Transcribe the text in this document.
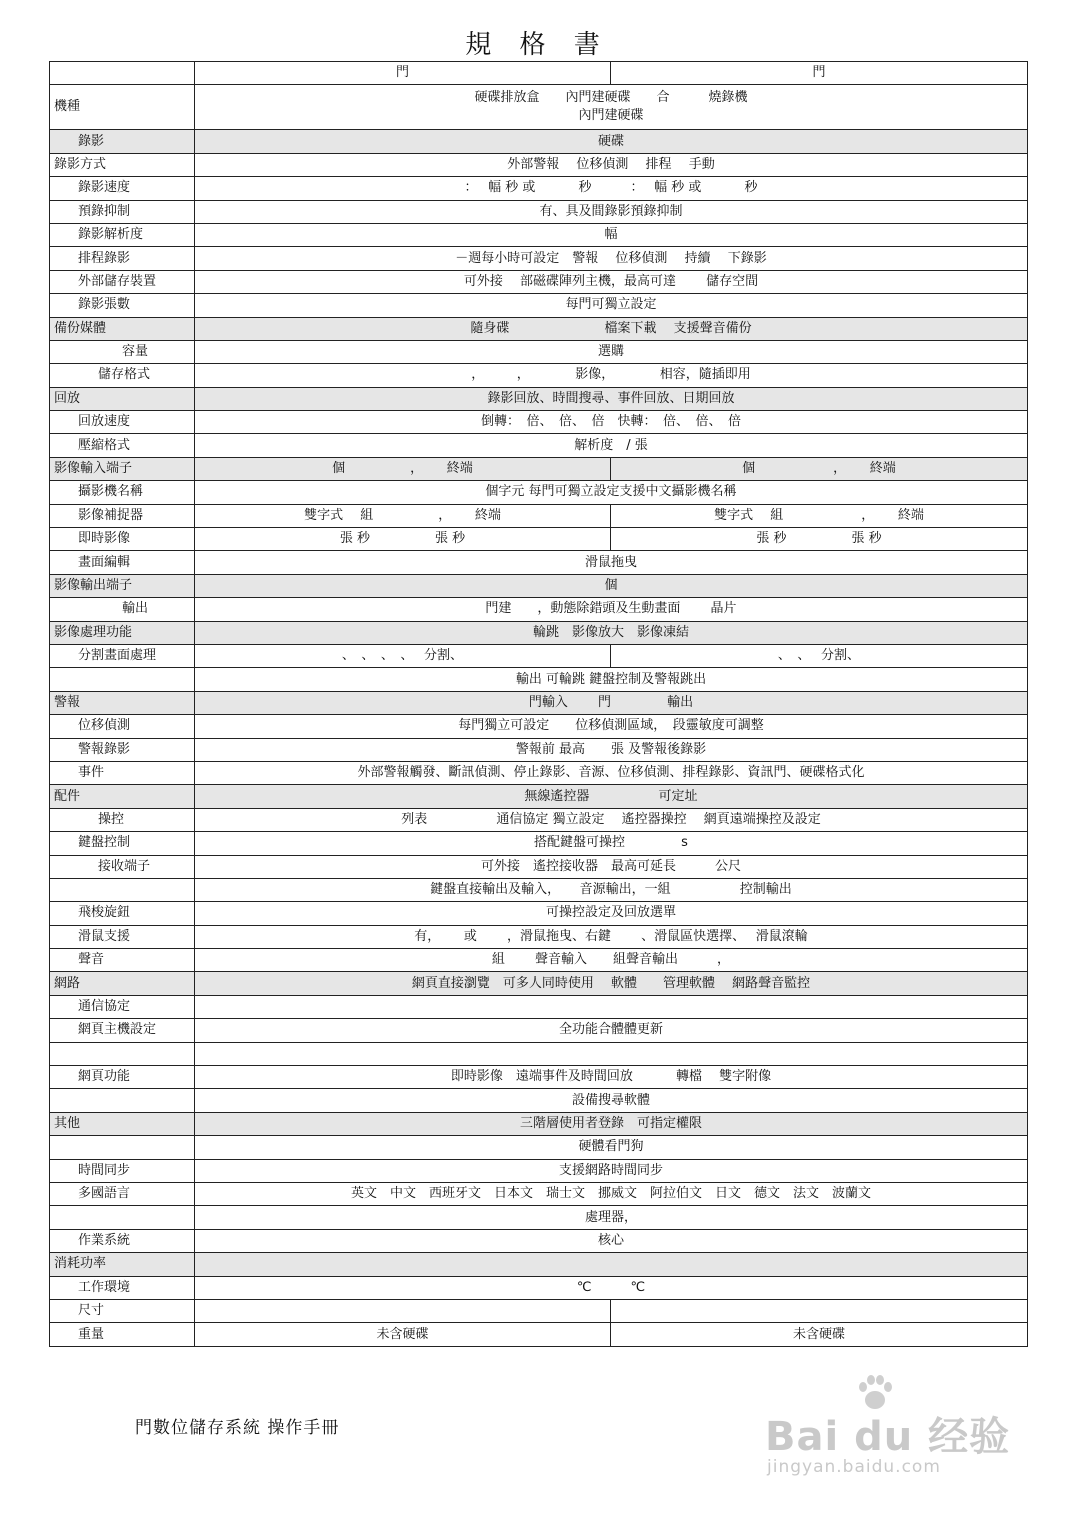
規 格 書
	門	門
機種	硬碟排放盒　　內門建硬碟　　合　　　燒錄機
內門建硬碟	
錄影	硬碟	
錄影方式	外部警報　 位移偵測　 排程　 手動	
錄影速度	：　 幅 秒 或　　　 秒　　　：　 幅 秒 或　　　 秒	
預錄抑制	有、具及間錄影預錄抑制	
錄影解析度	幅	
排程錄影	－週每小時可設定　警報　 位移偵測　 持續　 下錄影	
外部儲存裝置	可外接　 部磁碟陣列主機，最高可達　　 儲存空間	
錄影張數	每門可獨立設定	
備份媒體	隨身碟　　　　　　　 檔案下載　 支援聲音備份	
容量	選購	
儲存格式	，　　　，　　　　影像，　　　　相容，隨插即用	
回放	錄影回放、時間搜尋、事件回放、日期回放	
回放速度	倒轉：　倍、　倍、　倍　快轉：　倍、　倍、　倍	
壓縮格式	解析度　/ 張	
影像輸入端子	個　　　　　，　　 終端	個　　　　　　，　　 終端
攝影機名稱	個字元 每門可獨立設定支援中文攝影機名稱	
影像補捉器	雙字式　 組　　　　　，　　 終端	雙字式　 組　　　　　　，　　 終端
即時影像	張 秒　　　　　張 秒	張 秒　　　　　張 秒
畫面編輯	滑鼠拖曳	
影像輸出端子	個	
輸出	門建　　，動態除錯頭及生動畫面　　 晶片	
影像處理功能	輪跳　影像放大　影像凍結	
分割畫面處理	、　、　、　、　 分割、	、　、　 分割、
	輸出 可輪跳 鍵盤控制及警報跳出	
警報	門輸入　　 門　　　　 輸出	
位移偵測	每門獨立可設定　　位移偵測區域，　段靈敏度可調整	
警報錄影	警報前 最高　　張 及警報後錄影	
事件	外部警報觸發、斷訊偵測、停止錄影、音源、位移偵測、排程錄影、資訊門、硬碟格式化	
配件	無線遙控器　　　　　 可定址	
操控	列表　　　　　 通信協定 獨立設定　 遙控器操控　 網頁遠端操控及設定	
鍵盤控制	搭配鍵盤可操控　　　　 s	
接收端子	可外接　遙控接收器　最高可延長　　　公尺	
	鍵盤直接輸出及輸入，　　音源輸出，一組　　　　　 控制輸出	
飛梭旋鈕	可操控設定及回放選單	
滑鼠支援	有，　　 或　　 ，滑鼠拖曳、右鍵　　 、滑鼠區快選擇、　 滑鼠滾輪	
聲音	組　　 聲音輸入　　組聲音輸出　　　，	
網路	網頁直接瀏覽　可多人同時使用　 軟體　　管理軟體　 網路聲音監控	
通信協定		
網頁主機設定	全功能合體體更新	

網頁功能	即時影像　遠端事件及時間回放　　　 轉檔　 雙字附像	
	設備搜尋軟體	
其他	三階層使用者登錄　可指定權限	
	硬體看門狗	
時間同步	支援網路時間同步	
多國語言	英文　中文　西班牙文　日本文　瑞士文　挪威文　阿拉伯文　日文　德文　法文　波蘭文	
	處理器，	
作業系統	核心	
消耗功率		
工作環境	℃　　　℃	
尺寸		
重量	未含硬碟	未含硬碟
門數位儲存系統 操作手冊	Bai du 经验
jingyan.baidu.com
